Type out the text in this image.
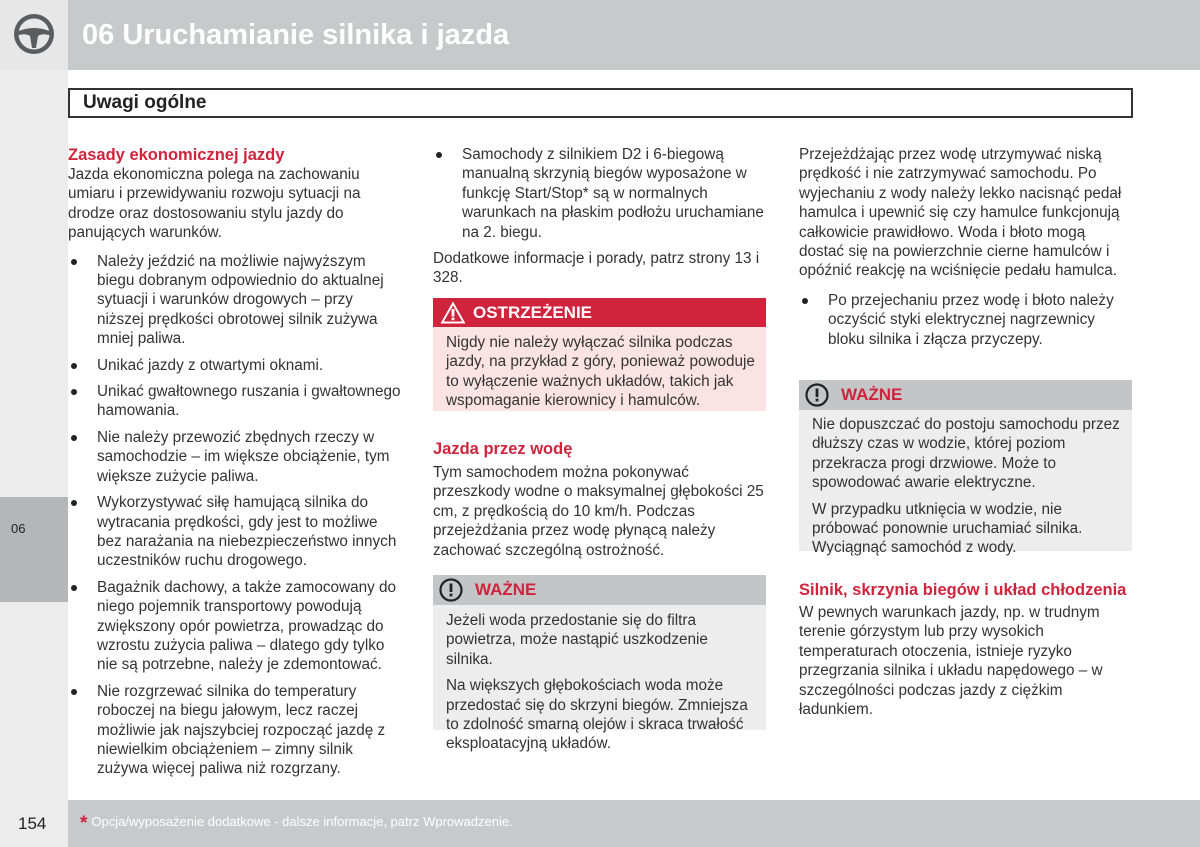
06 Uruchamianie silnika i jazda
06
Uwagi ogólne
Zasady ekonomicznej jazdy

Jazda ekonomiczna polega na zachowaniu umiaru i przewidywaniu rozwoju sytuacji na drodze oraz dostosowaniu stylu jazdy do panujących warunków.

Należy jeździć na możliwie najwyższym biegu dobranym odpowiednio do aktualnej sytuacji i warunków drogowych – przy niższej prędkości obrotowej silnik zużywa mniej paliwa.
Unikać jazdy z otwartymi oknami.
Unikać gwałtownego ruszania i gwałtownego hamowania.
Nie należy przewozić zbędnych rzeczy w samochodzie – im większe obciążenie, tym większe zużycie paliwa.
Wykorzystywać siłę hamującą silnika do wytracania prędkości, gdy jest to możliwe bez narażania na niebezpieczeństwo innych uczestników ruchu drogowego.
Bagażnik dachowy, a także zamocowany do niego pojemnik transportowy powodują zwiększony opór powietrza, prowadząc do wzrostu zużycia paliwa – dlatego gdy tylko nie są potrzebne, należy je zdemontować.
Nie rozgrzewać silnika do temperatury roboczej na biegu jałowym, lecz raczej możliwie jak najszybciej rozpocząć jazdę z niewielkim obciążeniem – zimny silnik zużywa więcej paliwa niż rozgrzany.
Samochody z silnikiem D2 i 6-biegową manualną skrzynią biegów wyposażone w funkcję Start/Stop* są w normalnych warunkach na płaskim podłożu uruchamiane na 2. biegu.

Dodatkowe informacje i porady, patrz strony 13 i 328.

OSTRZEŻENIE

Nigdy nie należy wyłączać silnika podczas jazdy, na przykład z góry, ponieważ powoduje to wyłączenie ważnych układów, takich jak wspomaganie kierownicy i hamulców.

Jazda przez wodę

Tym samochodem można pokonywać przeszkody wodne o maksymalnej głębokości 25 cm, z prędkością do 10 km/h. Podczas przejeżdżania przez wodę płynącą należy zachować szczególną ostrożność.

WAŻNE

Jeżeli woda przedostanie się do filtra powietrza, może nastąpić uszkodzenie silnika.

Na większych głębokościach woda może przedostać się do skrzyni biegów. Zmniejsza to zdolność smarną olejów i skraca trwałość eksploatacyjną układów.

Przejeżdżając przez wodę utrzymywać niską prędkość i nie zatrzymywać samochodu. Po wyjechaniu z wody należy lekko nacisnąć pedał hamulca i upewnić się czy hamulce funkcjonują całkowicie prawidłowo. Woda i błoto mogą dostać się na powierzchnie cierne hamulców i opóźnić reakcję na wciśnięcie pedału hamulca.

Po przejechaniu przez wodę i błoto należy oczyścić styki elektrycznej nagrzewnicy bloku silnika i złącza przyczepy.
WAŻNE

Nie dopuszczać do postoju samochodu przez dłuższy czas w wodzie, której poziom przekracza progi drzwiowe. Może to spowodować awarie elektryczne.

W przypadku utknięcia w wodzie, nie próbować ponownie uruchamiać silnika. Wyciągnąć samochód z wody.

Silnik, skrzynia biegów i układ chłodzenia

W pewnych warunkach jazdy, np. w trudnym terenie górzystym lub przy wysokich temperaturach otoczenia, istnieje ryzyko przegrzania silnika i układu napędowego – w szczególności podczas jazdy z ciężkim ładunkiem.

154 * Opcja/wyposażenie dodatkowe - dalsze informacje, patrz Wprowadzenie.
